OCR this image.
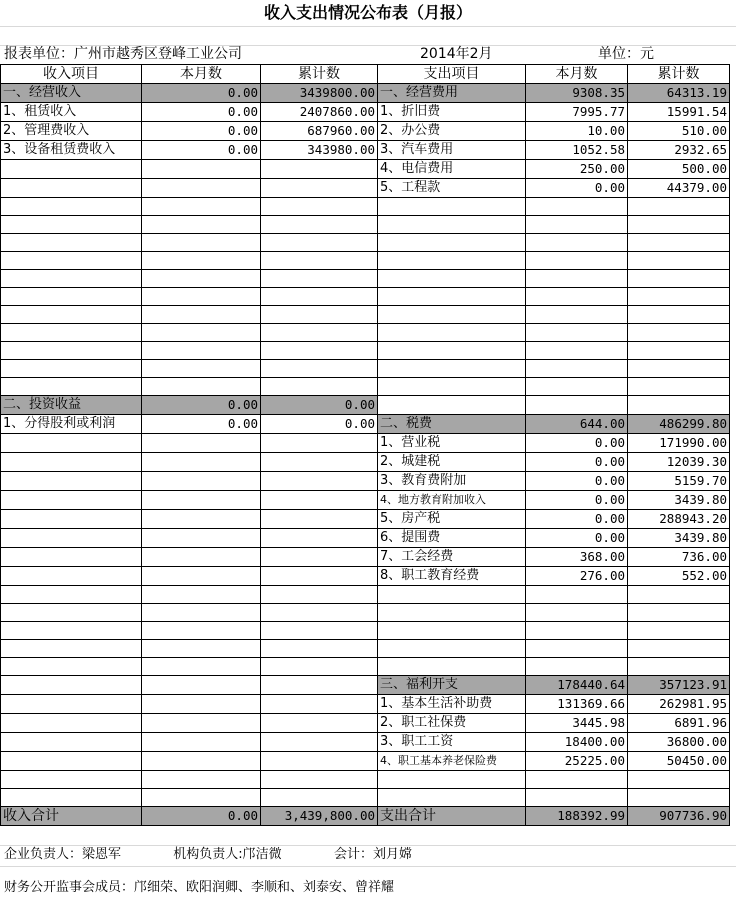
收入支出情况公布表（月报）
报表单位：广州市越秀区登峰工业公司	2014年2月	单位：元
收入项目	本月数	累计数	支出项目	本月数	累计数
一、经营收入	0.00	3439800.00	一、经营费用	9308.35	64313.19
1、租赁收入	0.00	2407860.00	1、折旧费	7995.77	15991.54
2、管理费收入	0.00	687960.00	2、办公费	10.00	510.00
3、设备租赁费收入	0.00	343980.00	3、汽车费用	1052.58	2932.65
			4、电信费用	250.00	500.00
			5、工程款	0.00	44379.00

二、投资收益	0.00	0.00			
1、分得股利或利润	0.00	0.00	二、税费	644.00	486299.80
			1、营业税	0.00	171990.00
			2、城建税	0.00	12039.30
			3、教育费附加	0.00	5159.70
			4、地方教育附加收入	0.00	3439.80
			5、房产税	0.00	288943.20
			6、提围费	0.00	3439.80
			7、工会经费	368.00	736.00
			8、职工教育经费	276.00	552.00

			三、福利开支	178440.64	357123.91
			1、基本生活补助费	131369.66	262981.95
			2、职工社保费	3445.98	6891.96
			3、职工工资	18400.00	36800.00
			4、职工基本养老保险费	25225.00	50450.00

收入合计	0.00	3,439,800.00	支出合计	188392.99	907736.90
企业负责人：梁恩军	机构负责人:邝洁微	会计：刘月嫦
财务公开监事会成员：邝细荣、欧阳润卿、李顺和、刘泰安、曾祥耀
